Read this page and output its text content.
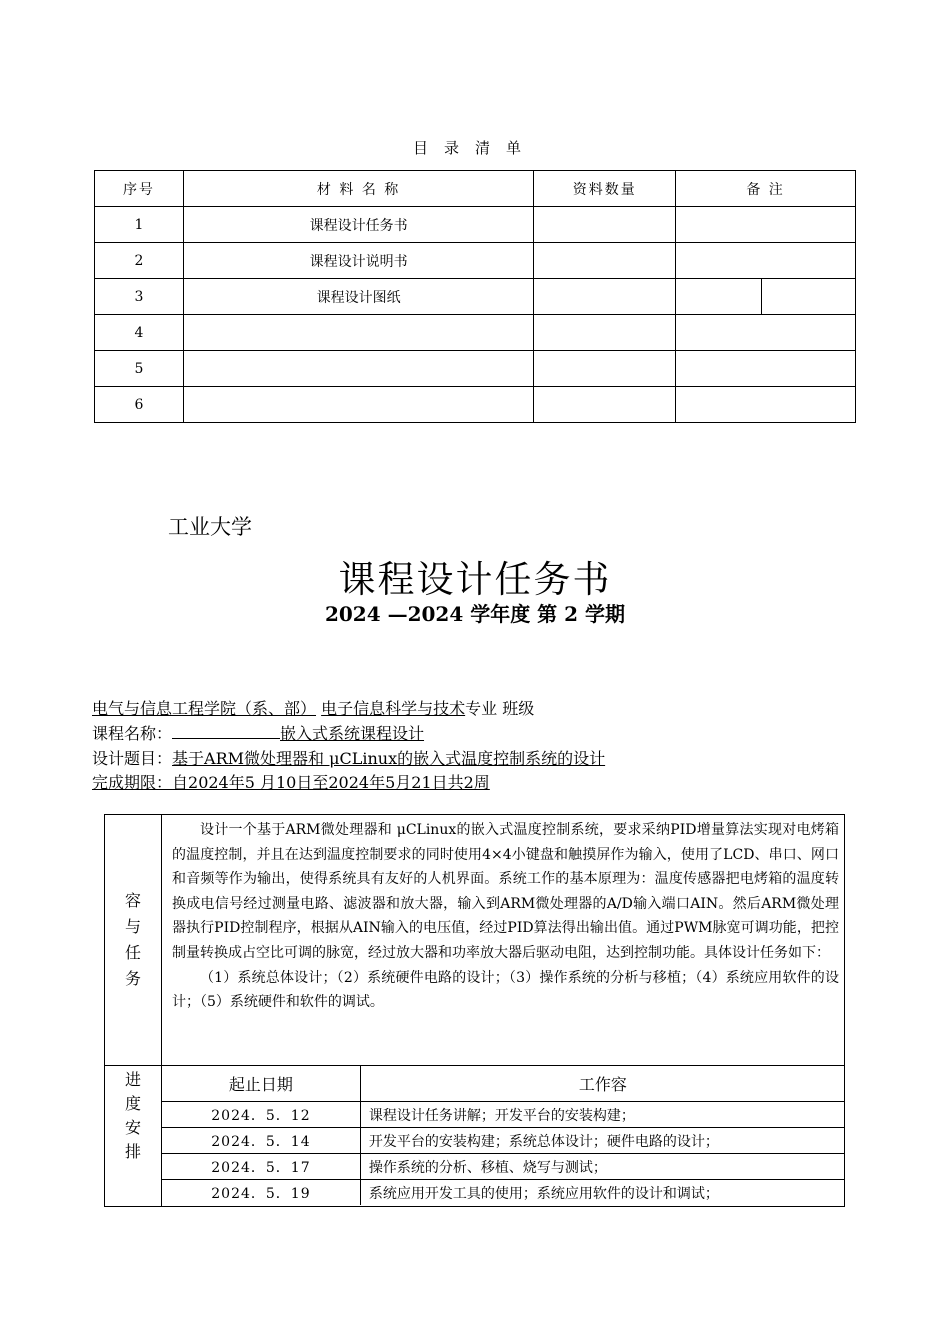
目录清单
序号	材 料 名 称	资料数量	备 注
1	课程设计任务书		
2	课程设计说明书		
3	课程设计图纸		

4			
5			
6			
工业大学
课程设计任务书
2024 —2024 学年度 第 2 学期
电气与信息工程学院（系、部） 电子信息科学与技术专业 班级
课程名称：	嵌入式系统课程设计
设计题目：基于ARM微处理器和 μCLinux的嵌入式温度控制系统的设计
完成期限：自2024年5 月10日至2024年5月21日共2周
容与任务

设计一个基于ARM微处理器和 μCLinux的嵌入式温度控制系统，要求采纳PID增量算法实现对电烤箱的温度控制，并且在达到温度控制要求的同时使用4×4小键盘和触摸屏作为输入，使用了LCD、串口、网口和音频等作为输出，使得系统具有友好的人机界面。系统工作的基本原理为：温度传感器把电烤箱的温度转换成电信号经过测量电路、滤波器和放大器，输入到ARM微处理器的A/D输入端口AIN。然后ARM微处理器执行PID控制程序，根据从AIN输入的电压值，经过PID算法得出输出值。通过PWM脉宽可调功能，把控制量转换成占空比可调的脉宽，经过放大器和功率放大器后驱动电阻，达到控制功能。具体设计任务如下：

（1）系统总体设计；（2）系统硬件电路的设计；（3）操作系统的分析与移植；（4）系统应用软件的设计；（5）系统硬件和软件的调试。

进度安排
起止日期	工作容
2024．5．12	课程设计任务讲解；开发平台的安装构建；
2024．5．14	开发平台的安装构建；系统总体设计；硬件电路的设计；
2024．5．17	操作系统的分析、移植、烧写与测试；
2024．5．19	系统应用开发工具的使用；系统应用软件的设计和调试；
